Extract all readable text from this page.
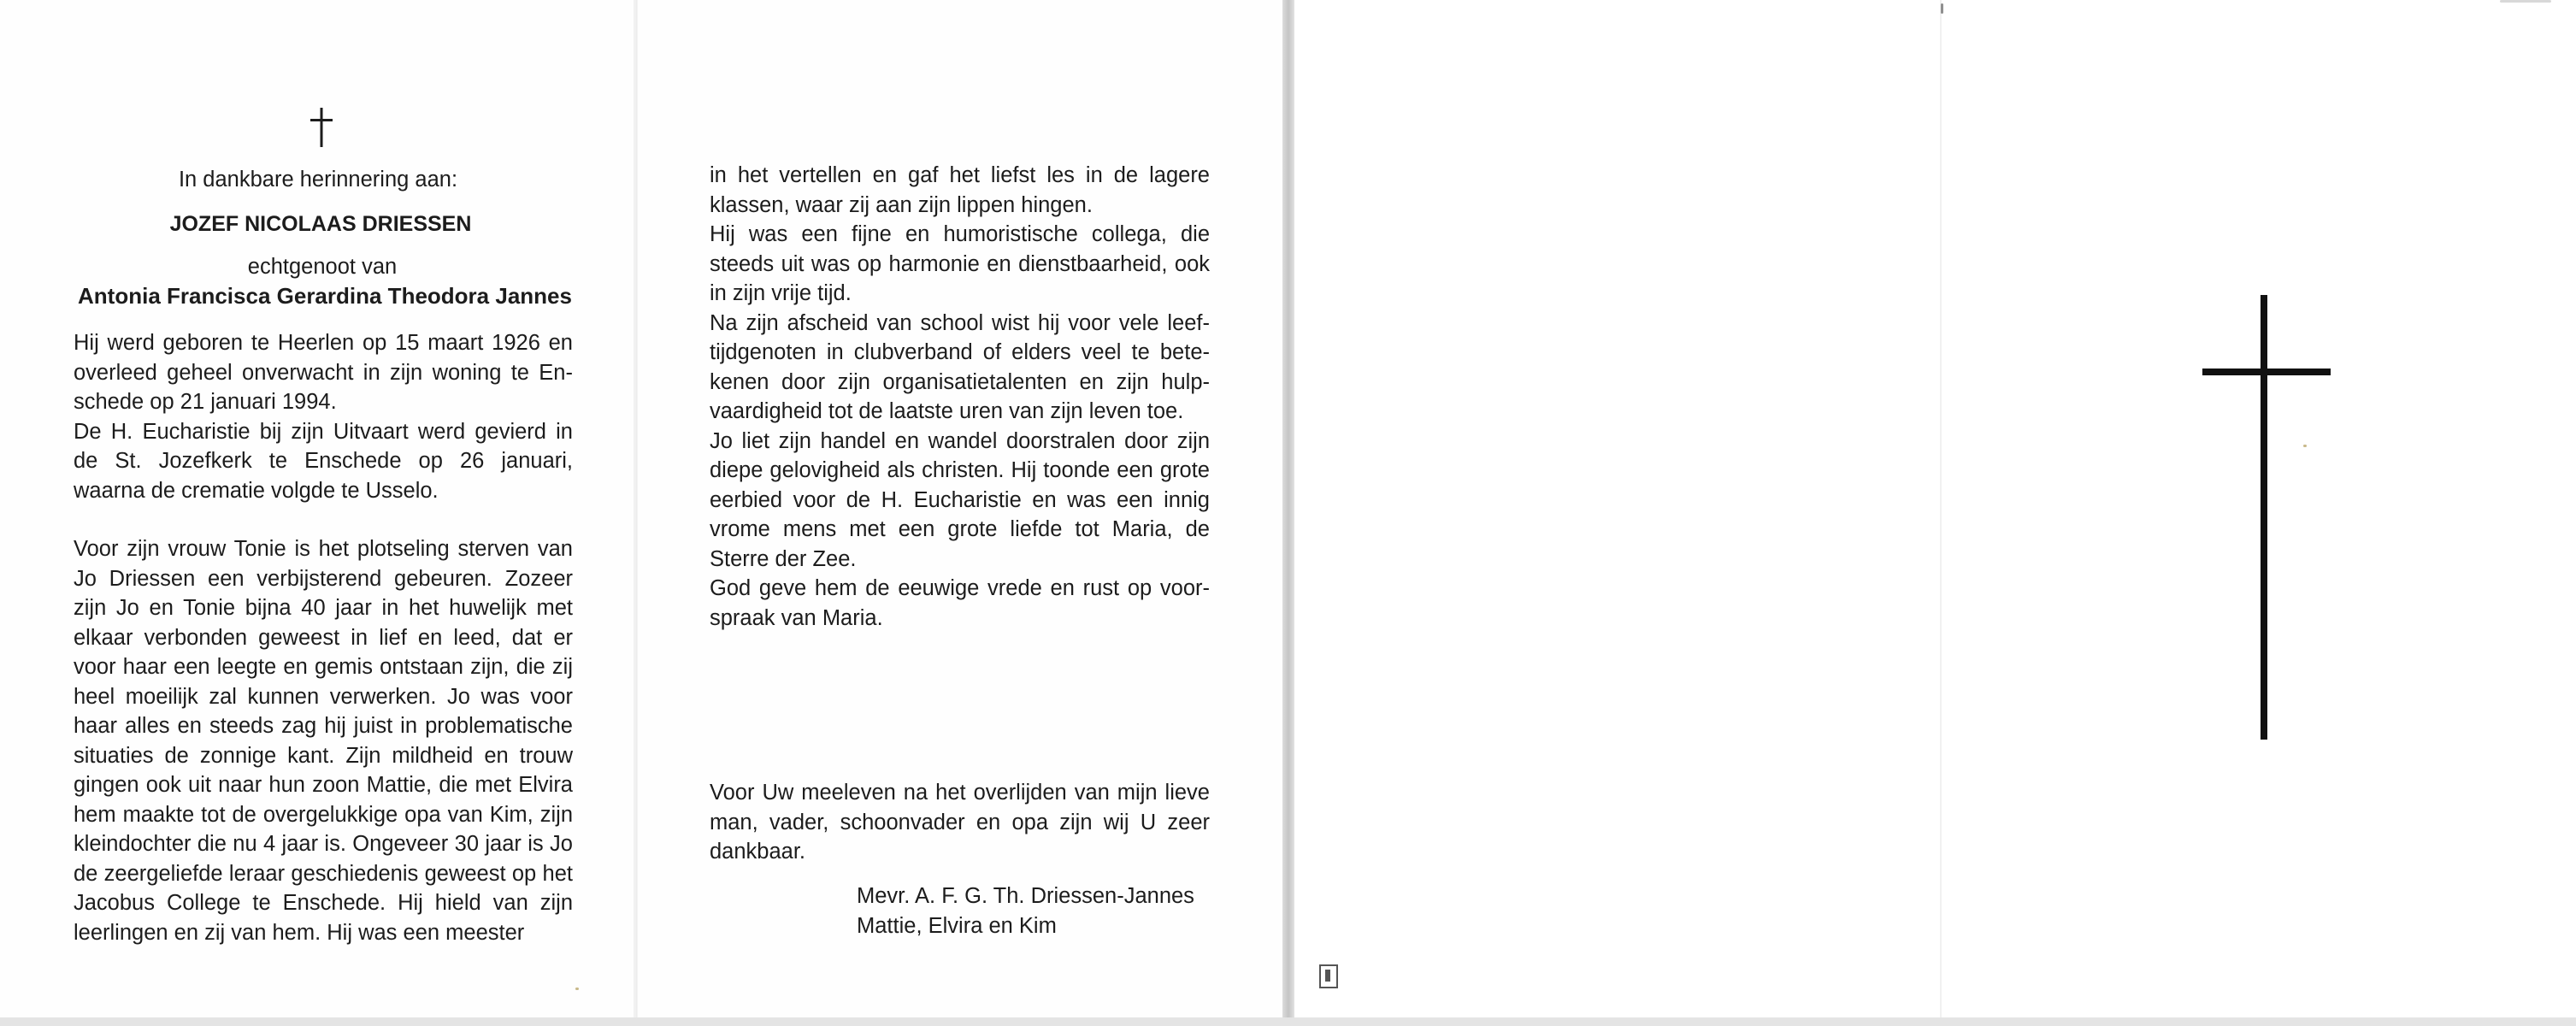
In dankbare herinnering aan:
JOZEF NICOLAAS DRIESSEN
echtgenoot van
Antonia Francisca Gerardina Theodora Jannes

Hij werd geboren te Heerlen op 15 maart 1926 en overleed geheel onverwacht in zijn woning te En-schede op 21 januari 1994.

De H. Eucharistie bij zijn Uitvaart werd gevierd in de St. Jozefkerk te Enschede op 26 januari, waarna de crematie volgde te Usselo.

Voor zijn vrouw Tonie is het plotseling sterven van Jo Driessen een verbijsterend gebeuren. Zozeer zijn Jo en Tonie bijna 40 jaar in het huwelijk met elkaar verbonden geweest in lief en leed, dat er voor haar een leegte en gemis ontstaan zijn, die zij heel moeilijk zal kunnen verwerken. Jo was voor haar alles en steeds zag hij juist in problematische situaties de zonnige kant. Zijn mildheid en trouw gingen ook uit naar hun zoon Mattie, die met Elvira hem maakte tot de overgelukkige opa van Kim, zijn kleindochter die nu 4 jaar is. Ongeveer 30 jaar is Jo de zeergeliefde leraar geschiedenis geweest op het Jacobus College te Enschede. Hij hield van zijn leerlingen en zij van hem. Hij was een meester

in het vertellen en gaf het liefst les in de lagere klassen, waar zij aan zijn lippen hingen.

Hij was een fijne en humoristische collega, die steeds uit was op harmonie en dienstbaarheid, ook in zijn vrije tijd.

Na zijn afscheid van school wist hij voor vele leef-tijdgenoten in clubverband of elders veel te bete-kenen door zijn organisatietalenten en zijn hulp-vaardigheid tot de laatste uren van zijn leven toe.

Jo liet zijn handel en wandel doorstralen door zijn diepe gelovigheid als christen. Hij toonde een grote eerbied voor de H. Eucharistie en was een innig vrome mens met een grote liefde tot Maria, de Sterre der Zee.

God geve hem de eeuwige vrede en rust op voor-spraak van Maria.

Voor Uw meeleven na het overlijden van mijn lieve man, vader, schoonvader en opa zijn wij U zeer dankbaar.
Mevr. A. F. G. Th. Driessen-Jannes
Mattie, Elvira en Kim
